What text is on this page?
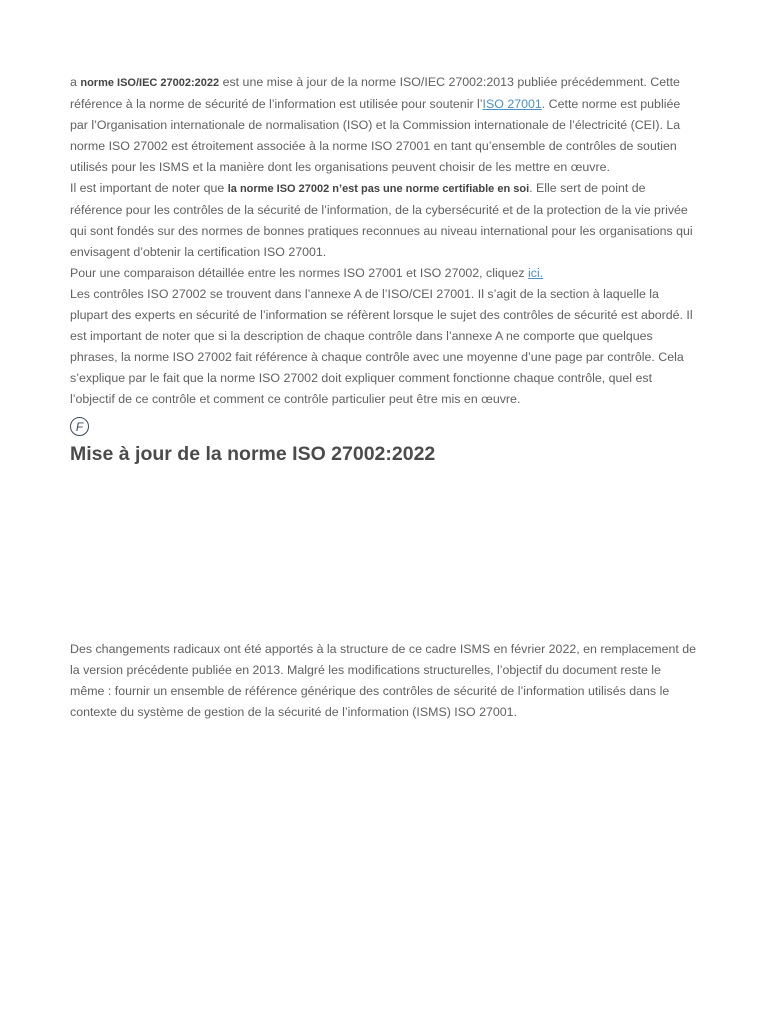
a norme ISO/IEC 27002:2022 est une mise à jour de la norme ISO/IEC 27002:2013 publiée précédemment. Cette référence à la norme de sécurité de l’information est utilisée pour soutenir l’ISO 27001. Cette norme est publiée par l’Organisation internationale de normalisation (ISO) et la Commission internationale de l’électricité (CEI). La norme ISO 27002 est étroitement associée à la norme ISO 27001 en tant qu’ensemble de contrôles de soutien utilisés pour les ISMS et la manière dont les organisations peuvent choisir de les mettre en œuvre.

Il est important de noter que la norme ISO 27002 n’est pas une norme certifiable en soi. Elle sert de point de référence pour les contrôles de la sécurité de l’information, de la cybersécurité et de la protection de la vie privée qui sont fondés sur des normes de bonnes pratiques reconnues au niveau international pour les organisations qui envisagent d’obtenir la certification ISO 27001.

Pour une comparaison détaillée entre les normes ISO 27001 et ISO 27002, cliquez ici.

Les contrôles ISO 27002 se trouvent dans l’annexe A de l’ISO/CEI 27001. Il s’agit de la section à laquelle la plupart des experts en sécurité de l’information se réfèrent lorsque le sujet des contrôles de sécurité est abordé. Il est important de noter que si la description de chaque contrôle dans l’annexe A ne comporte que quelques phrases, la norme ISO 27002 fait référence à chaque contrôle avec une moyenne d’une page par contrôle. Cela s’explique par le fait que la norme ISO 27002 doit expliquer comment fonctionne chaque contrôle, quel est l’objectif de ce contrôle et comment ce contrôle particulier peut être mis en œuvre.

F
Mise à jour de la norme ISO 27002:2022

Des changements radicaux ont été apportés à la structure de ce cadre ISMS en février 2022, en remplacement de la version précédente publiée en 2013. Malgré les modifications structurelles, l’objectif du document reste le même : fournir un ensemble de référence générique des contrôles de sécurité de l’information utilisés dans le contexte du système de gestion de la sécurité de l’information (ISMS) ISO 27001.
